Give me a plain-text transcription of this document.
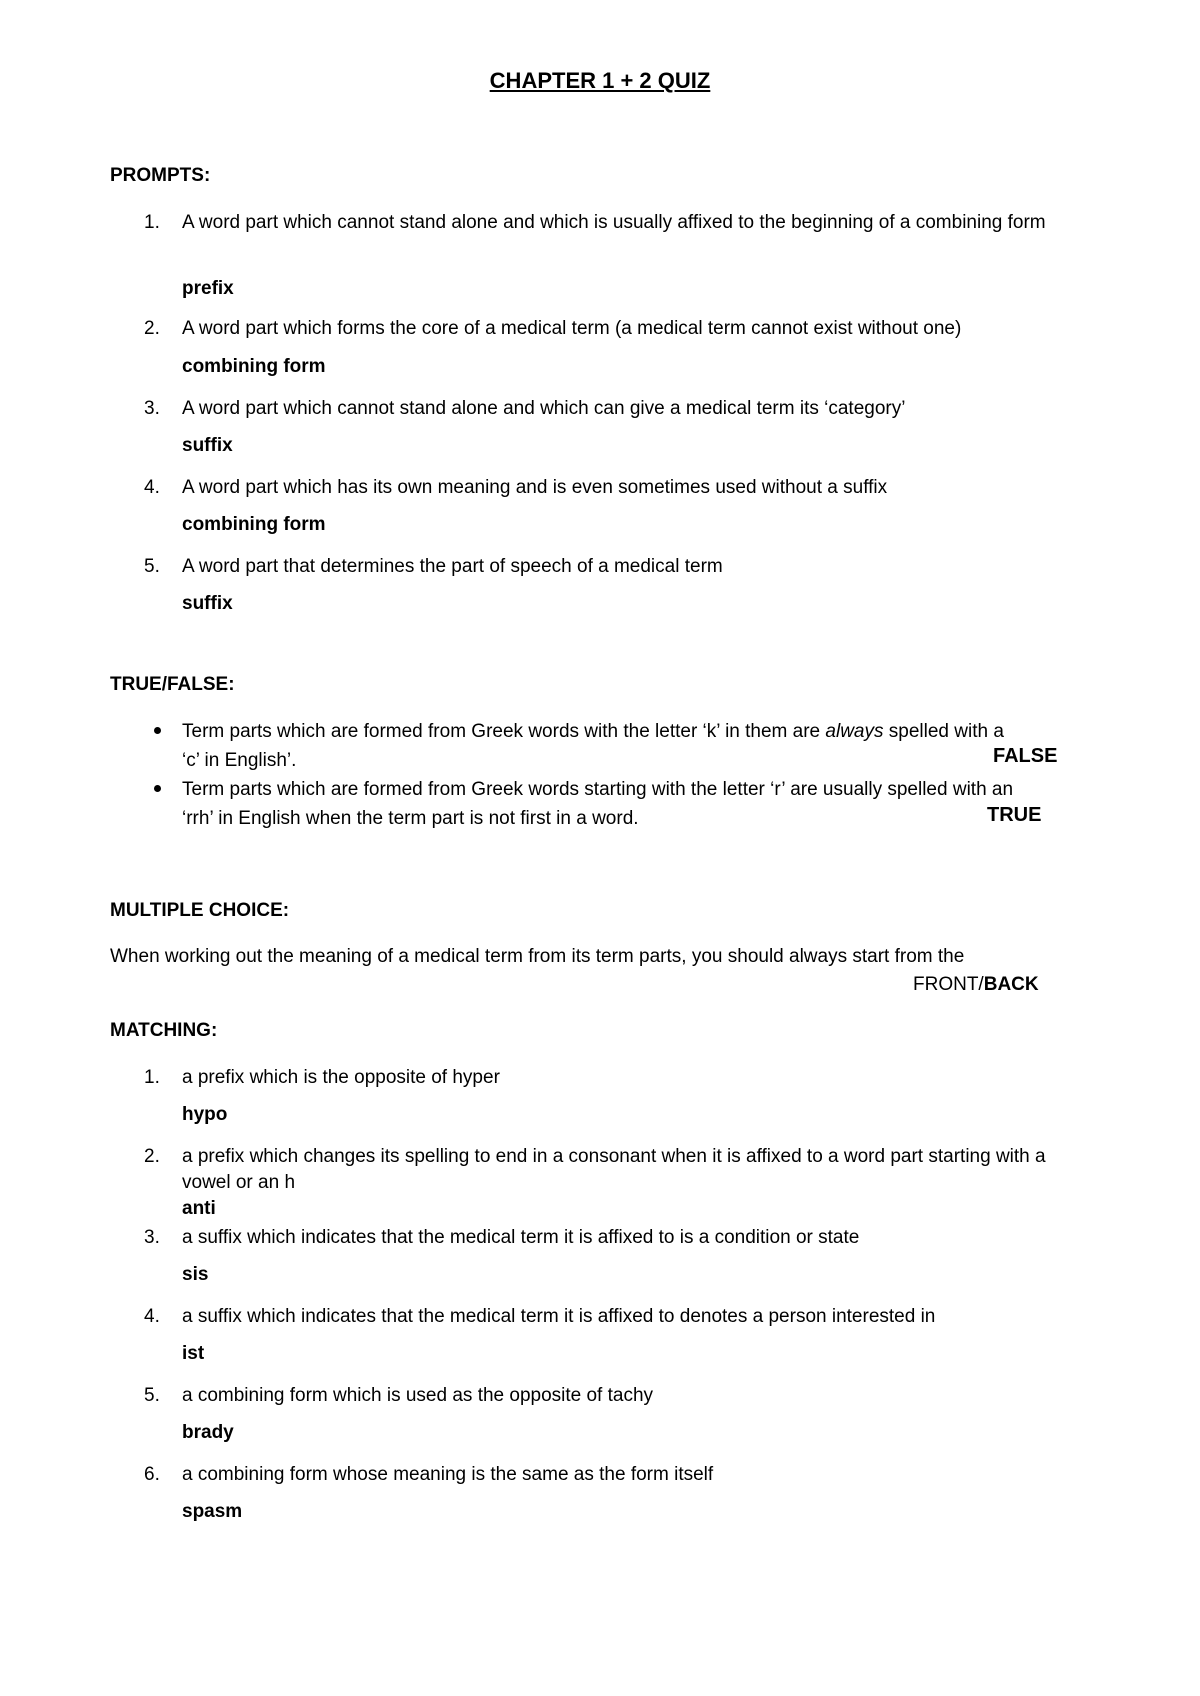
CHAPTER 1 + 2 QUIZ
PROMPTS:
1. A word part which cannot stand alone and which is usually affixed to the beginning of a combining form
prefix
2. A word part which forms the core of a medical term (a medical term cannot exist without one)
combining form
3. A word part which cannot stand alone and which can give a medical term its ‘category’
suffix
4. A word part which has its own meaning and is even sometimes used without a suffix
combining form
5. A word part that determines the part of speech of a medical term
suffix
TRUE/FALSE:
Term parts which are formed from Greek words with the letter ‘k’ in them are always spelled with a
‘c’ in English’.	FALSE
Term parts which are formed from Greek words starting with the letter ‘r’ are usually spelled with an
‘rrh’ in English when the term part is not first in a word.	TRUE
MULTIPLE CHOICE:
When working out the meaning of a medical term from its term parts, you should always start from the
FRONT/BACK
MATCHING:
1. a prefix which is the opposite of hyper
hypo
2. a prefix which changes its spelling to end in a consonant when it is affixed to a word part starting with a vowel or an h
anti
3. a suffix which indicates that the medical term it is affixed to is a condition or state
sis
4. a suffix which indicates that the medical term it is affixed to denotes a person interested in
ist
5. a combining form which is used as the opposite of tachy
brady
6. a combining form whose meaning is the same as the form itself
spasm
